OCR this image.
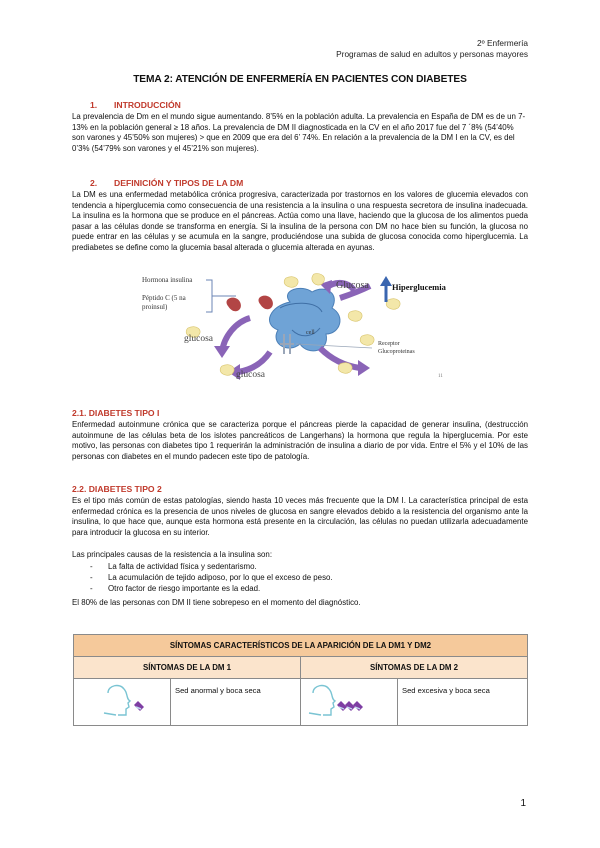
2º Enfermería
Programas de salud en adultos y personas mayores
TEMA 2: ATENCIÓN DE ENFERMERÍA EN PACIENTES CON DIABETES
1. INTRODUCCIÓN
La prevalencia de Dm en el mundo sigue aumentando. 8’5% en la población adulta. La prevalencia en España de DM es de un 7-13% en la población general ≥ 18 años. La prevalencia de DM II diagnosticada en la CV en el año 2017 fue del 7 ´8% (54’40% son varones y 45’50% son mujeres) > que en 2009 que era del 6’ 74%. En relación a la prevalencia de la DM I en la CV, es del 0’3% (54’79% son varones y el 45’21% son mujeres).
2. DEFINICIÓN Y TIPOS DE LA DM
La DM es una enfermedad metabólica crónica progresiva, caracterizada por trastornos en los valores de glucemia elevados con tendencia a hiperglucemia como consecuencia de una resistencia a la insulina o una respuesta secretora de insulina inadecuada. La insulina es la hormona que se produce en el páncreas. Actúa como una llave, haciendo que la glucosa de los alimentos pueda pasar a las células donde se transforma en energía. Si la insulina de la persona con DM no hace bien su función, la glucosa no puede entrar en las células y se acumula en la sangre, produciéndose una subida de glucosa conocida como hiperglucemia. La prediabetes se define como la glucemia basal alterada o glucemia alterada en ayunas.
Hormona insulina
Péptido C (5 na
proinsul)
Glucosa	Hiperglucemia
glucosa
glucosa
cell
Receptor
Glucoproteinas
11
2.1. DIABETES TIPO I
Enfermedad autoinmune crónica que se caracteriza porque el páncreas pierde la capacidad de generar insulina, (destrucción autoinmune de las células beta de los islotes pancreáticos de Langerhans) la hormona que regula la hiperglucemia. Por este motivo, las personas con diabetes tipo 1 requerirán la administración de insulina a diario de por vida. Entre el 5% y el 10% de las personas con diabetes en el mundo padecen este tipo de patología.
2.2. DIABETES TIPO 2
Es el tipo más común de estas patologías, siendo hasta 10 veces más frecuente que la DM I. La característica principal de esta enfermedad crónica es la presencia de unos niveles de glucosa en sangre elevados debido a la resistencia del organismo ante la insulina, lo que hace que, aunque esta hormona está presente en la circulación, las células no puedan utilizarla adecuadamente para introducir la glucosa en su interior.
Las principales causas de la resistencia a la insulina son:
- La falta de actividad física y sedentarismo.
- La acumulación de tejido adiposo, por lo que el exceso de peso.
- Otro factor de riesgo importante es la edad.
El 80% de las personas con DM II tiene sobrepeso en el momento del diagnóstico.
SÍNTOMAS CARACTERÍSTICOS DE LA APARICIÓN DE LA DM1 Y DM2
SÍNTOMAS DE LA DM 1	SÍNTOMAS DE LA DM 2
Sed anormal y boca seca	Sed excesiva y boca seca
1
